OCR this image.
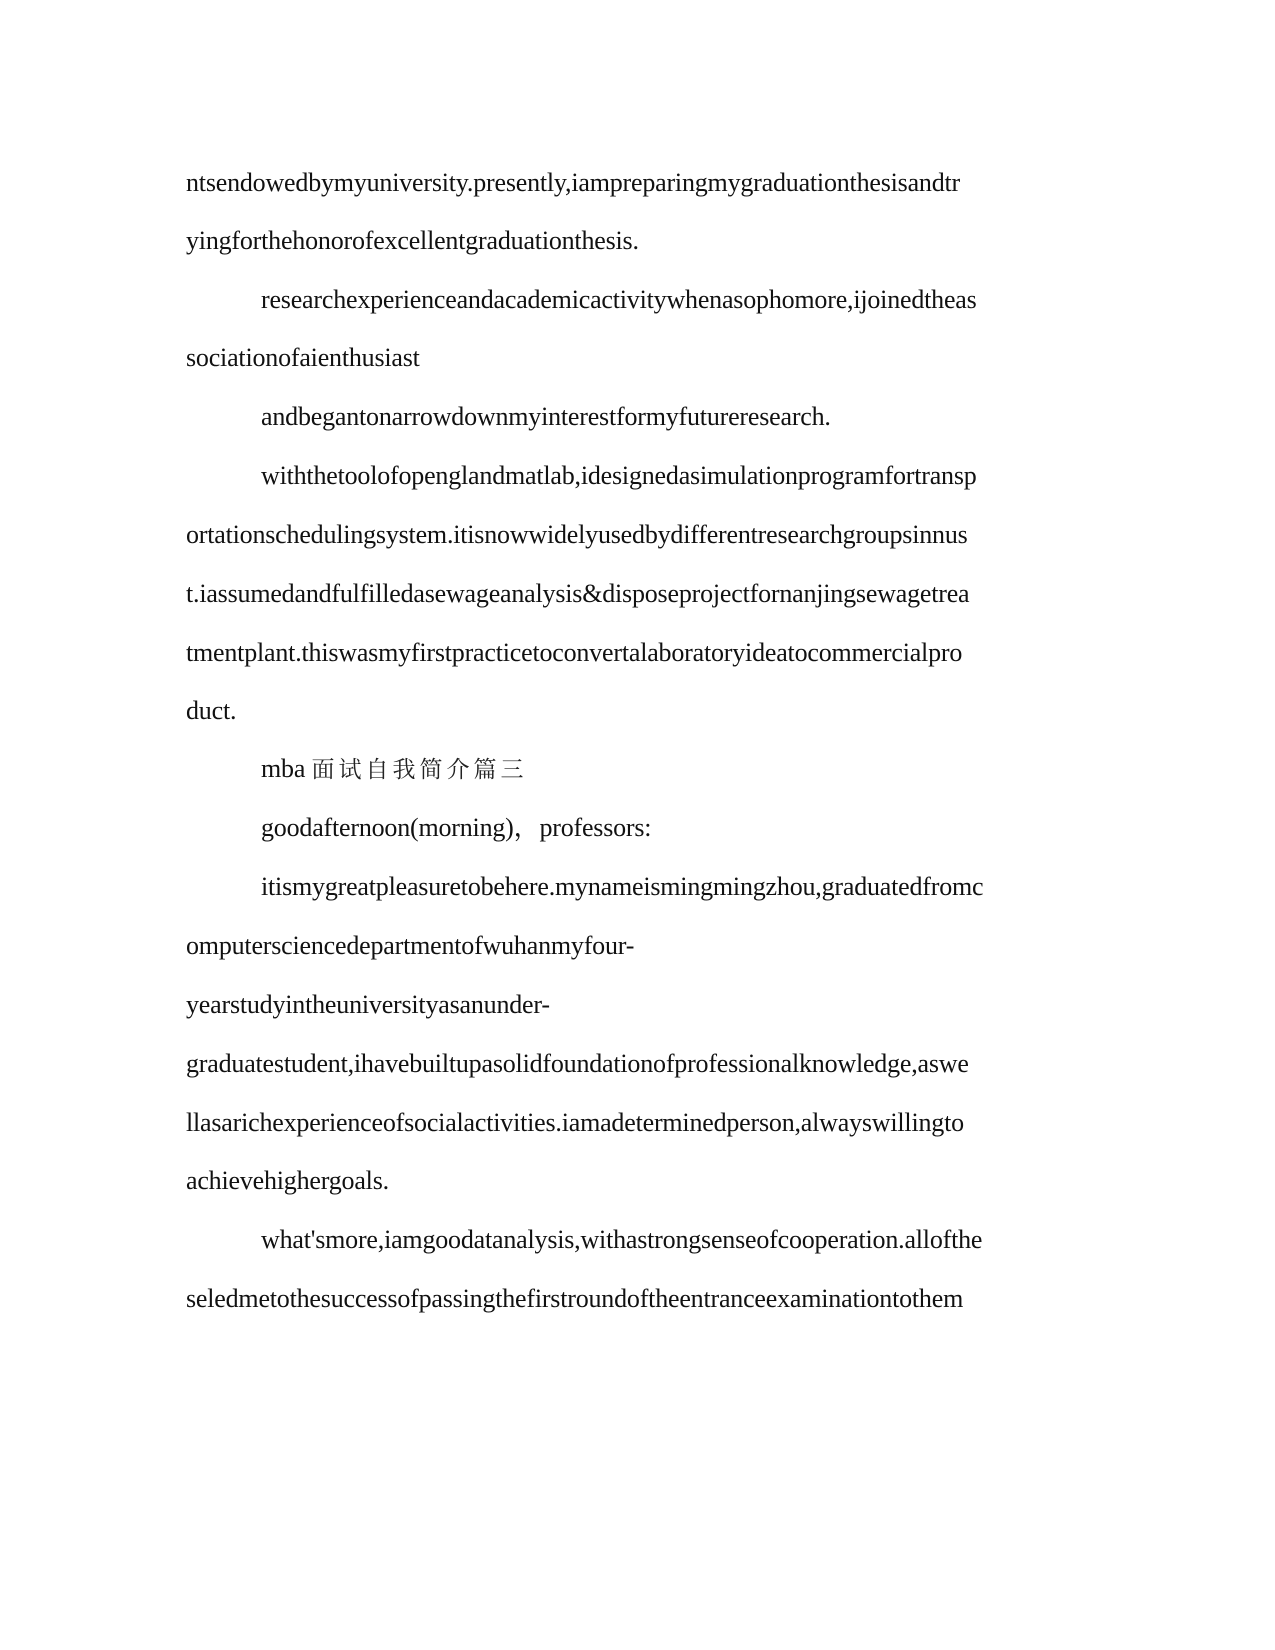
ntsendowedbymyuniversity.presently,iampreparingmygraduationthesisandtr

yingforthehonorofexcellentgraduationthesis.

researchexperienceandacademicactivitywhenasophomore,ijoinedtheas

sociationofaienthusiast

andbegantonarrowdownmyinterestformyfutureresearch.

withthetoolofopenglandmatlab,idesignedasimulationprogramfortransp

ortationschedulingsystem.itisnowwidelyusedbydifferentresearchgroupsinnus

t.iassumedandfulfilledasewageanalysis&disposeprojectfornanjingsewagetrea

tmentplant.thiswasmyfirstpracticetoconvertalaboratoryideatocommercialpro

duct.

mba 面试自我简介篇三

goodafternoon(morning)，professors:

itismygreatpleasuretobehere.mynameismingmingzhou,graduatedfromc

omputersciencedepartmentofwuhanmyfour-

yearstudyintheuniversityasanunder-

graduatestudent,ihavebuiltupasolidfoundationofprofessionalknowledge,aswe

llasarichexperienceofsocialactivities.iamadeterminedperson,alwayswillingto

achievehighergoals.

what'smore,iamgoodatanalysis,withastrongsenseofcooperation.allofthe

seledmetothesuccessofpassingthefirstroundoftheentranceexaminationtothem
